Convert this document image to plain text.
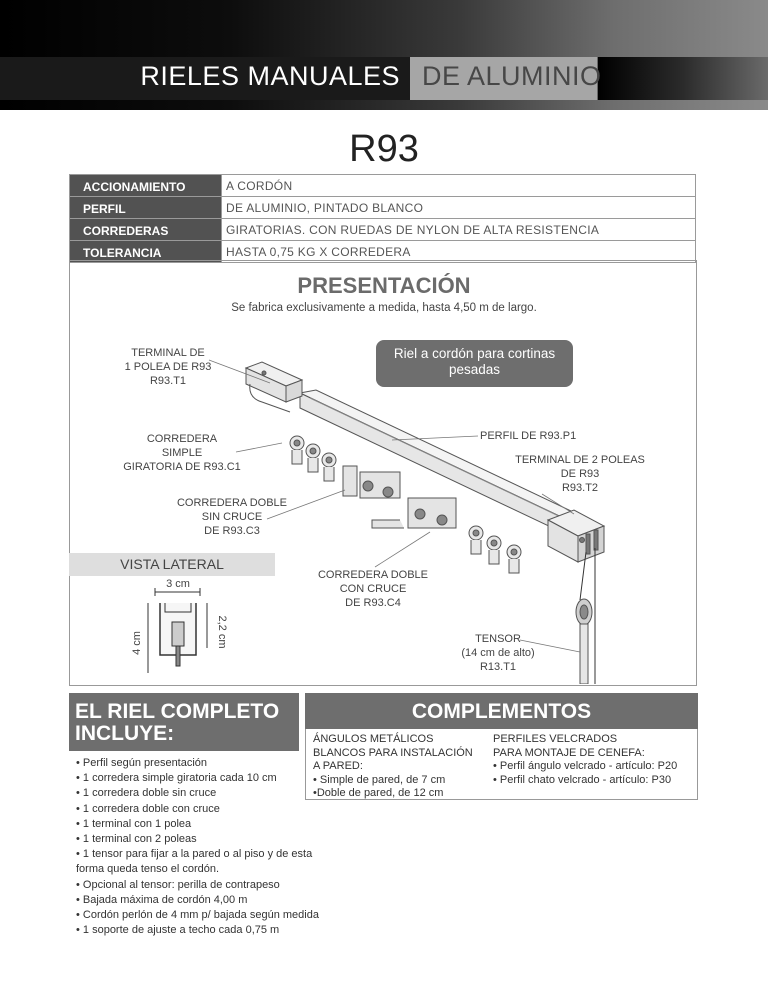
RIELES MANUALES DE ALUMINIO
R93
ACCIONAMIENTO	A CORDÓN
PERFIL	DE ALUMINIO, PINTADO BLANCO
CORREDERAS	GIRATORIAS. CON RUEDAS DE NYLON DE ALTA RESISTENCIA
TOLERANCIA	HASTA 0,75 KG X CORREDERA
PRESENTACIÓN
Se fabrica exclusivamente a medida, hasta 4,50 m de largo.
Riel a cordón para cortinas
pesadas
TERMINAL DE
1 POLEA DE R93
R93.T1
PERFIL DE R93.P1
CORREDERA
SIMPLE
GIRATORIA DE R93.C1
TERMINAL DE 2 POLEAS
DE R93
R93.T2
CORREDERA DOBLE
SIN CRUCE
DE R93.C3
CORREDERA DOBLE
CON CRUCE
DE R93.C4
TENSOR
(14 cm de alto)
R13.T1
VISTA LATERAL
3 cm
4 cm	2,2 cm
EL RIEL COMPLETO
INCLUYE:
• Perfil según presentación
• 1 corredera simple giratoria cada 10 cm
• 1 corredera doble sin cruce
• 1 corredera doble con cruce
• 1 terminal con 1 polea
• 1 terminal con 2 poleas
• 1 tensor para fijar a la pared o al piso y de esta
forma queda tenso el cordón.
• Opcional al tensor: perilla de contrapeso
• Bajada máxima de cordón 4,00 m
• Cordón perlón de 4 mm p/ bajada según medida
• 1 soporte de ajuste a techo cada 0,75 m
COMPLEMENTOS
ÁNGULOS METÁLICOS
BLANCOS PARA INSTALACIÓN
A PARED:
• Simple de pared, de 7 cm
•Doble de pared, de 12 cm
PERFILES VELCRADOS
PARA MONTAJE DE CENEFA:
• Perfil ángulo velcrado - artículo: P20
• Perfil chato velcrado - artículo: P30
